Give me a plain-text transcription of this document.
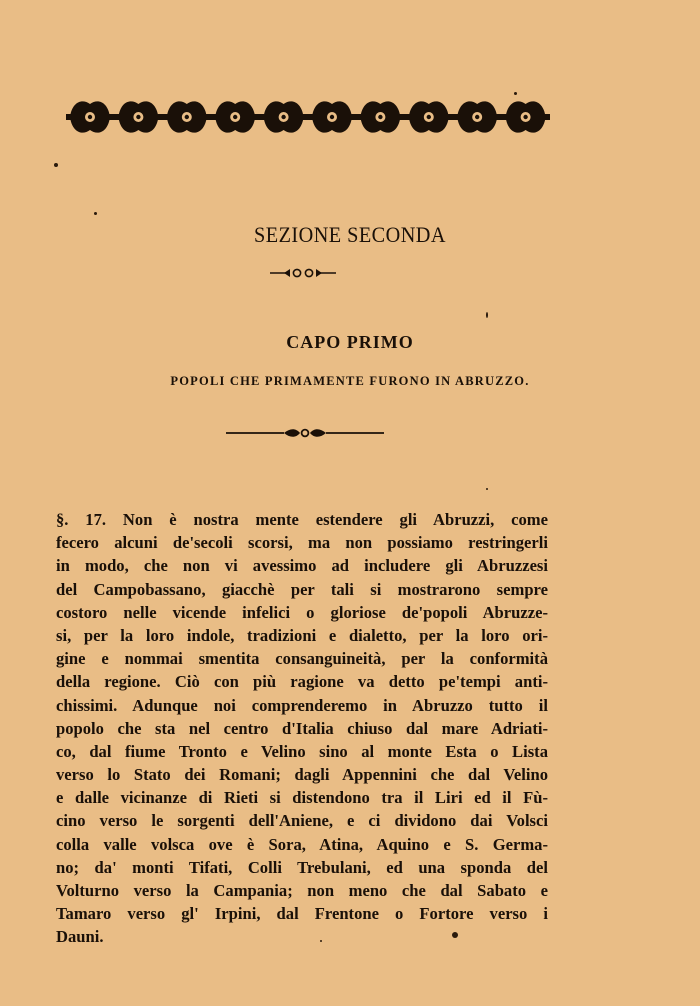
SEZIONE SECONDA
CAPO PRIMO
POPOLI CHE PRIMAMENTE FURONO IN ABRUZZO.
§. 17. Non è nostra mente estendere gli Abruzzi, come
fecero alcuni de'secoli scorsi, ma non possiamo restringerli
in modo, che non vi avessimo ad includere gli Abruzzesi
del Campobassano, giacchè per tali si mostrarono sempre
costoro nelle vicende infelici o gloriose de'popoli Abruzze-
si, per la loro indole, tradizioni e dialetto, per la loro ori-
gine e nommai smentita consanguineità, per la conformità
della regione. Ciò con più ragione va detto pe'tempi anti-
chissimi. Adunque noi comprenderemo in Abruzzo tutto il
popolo che sta nel centro d'Italia chiuso dal mare Adriati-
co, dal fiume Tronto e Velino sino al monte Esta o Lista
verso lo Stato dei Romani; dagli Appennini che dal Velino
e dalle vicinanze di Rieti si distendono tra il Liri ed il Fù-
cino verso le sorgenti dell'Aniene, e ci dividono dai Volsci
colla valle volsca ove è Sora, Atina, Aquino e S. Germa-
no; da' monti Tifati, Colli Trebulani, ed una sponda del
Volturno verso la Campania; non meno che dal Sabato e
Tamaro verso gl' Irpini, dal Frentone o Fortore verso i
Dauni.
